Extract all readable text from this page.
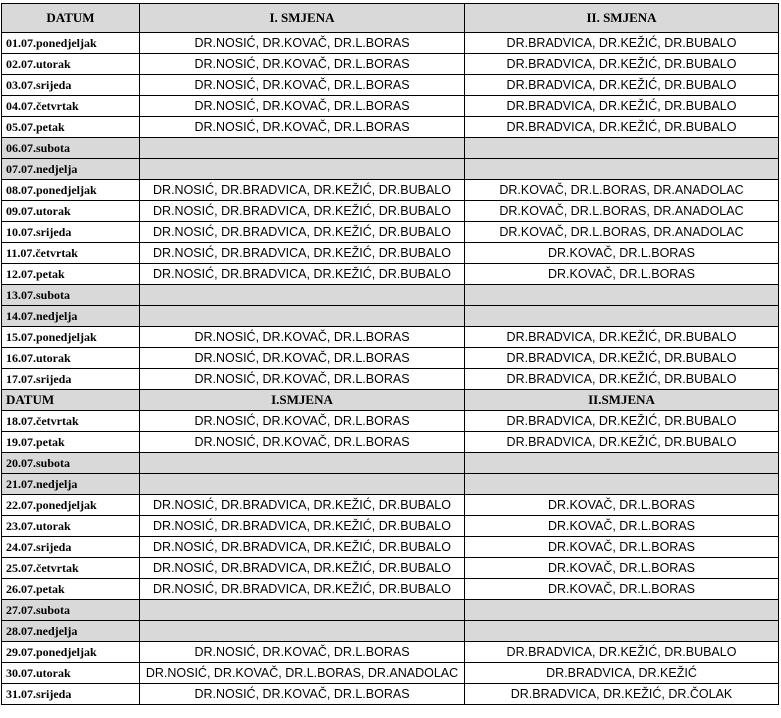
DATUM	I. SMJENA	II. SMJENA
01.07.ponedjeljak	DR.NOSIĆ, DR.KOVAČ, DR.L.BORAS	DR.BRADVICA, DR.KEŽIĆ, DR.BUBALO
02.07.utorak	DR.NOSIĆ, DR.KOVAČ, DR.L.BORAS	DR.BRADVICA, DR.KEŽIĆ, DR.BUBALO
03.07.srijeda	DR.NOSIĆ, DR.KOVAČ, DR.L.BORAS	DR.BRADVICA, DR.KEŽIĆ, DR.BUBALO
04.07.četvrtak	DR.NOSIĆ, DR.KOVAČ, DR.L.BORAS	DR.BRADVICA, DR.KEŽIĆ, DR.BUBALO
05.07.petak	DR.NOSIĆ, DR.KOVAČ, DR.L.BORAS	DR.BRADVICA, DR.KEŽIĆ, DR.BUBALO
06.07.subota		
07.07.nedjelja		
08.07.ponedjeljak	DR.NOSIĆ, DR.BRADVICA, DR.KEŽIĆ, DR.BUBALO	DR.KOVAČ, DR.L.BORAS, DR.ANADOLAC
09.07.utorak	DR.NOSIĆ, DR.BRADVICA, DR.KEŽIĆ, DR.BUBALO	DR.KOVAČ, DR.L.BORAS, DR.ANADOLAC
10.07.srijeda	DR.NOSIĆ, DR.BRADVICA, DR.KEŽIĆ, DR.BUBALO	DR.KOVAČ, DR.L.BORAS, DR.ANADOLAC
11.07.četvrtak	DR.NOSIĆ, DR.BRADVICA, DR.KEŽIĆ, DR.BUBALO	DR.KOVAČ, DR.L.BORAS
12.07.petak	DR.NOSIĆ, DR.BRADVICA, DR.KEŽIĆ, DR.BUBALO	DR.KOVAČ, DR.L.BORAS
13.07.subota		
14.07.nedjelja		
15.07.ponedjeljak	DR.NOSIĆ, DR.KOVAČ, DR.L.BORAS	DR.BRADVICA, DR.KEŽIĆ, DR.BUBALO
16.07.utorak	DR.NOSIĆ, DR.KOVAČ, DR.L.BORAS	DR.BRADVICA, DR.KEŽIĆ, DR.BUBALO
17.07.srijeda	DR.NOSIĆ, DR.KOVAČ, DR.L.BORAS	DR.BRADVICA, DR.KEŽIĆ, DR.BUBALO
DATUM	I.SMJENA	II.SMJENA
18.07.četvrtak	DR.NOSIĆ, DR.KOVAČ, DR.L.BORAS	DR.BRADVICA, DR.KEŽIĆ, DR.BUBALO
19.07.petak	DR.NOSIĆ, DR.KOVAČ, DR.L.BORAS	DR.BRADVICA, DR.KEŽIĆ, DR.BUBALO
20.07.subota		
21.07.nedjelja		
22.07.ponedjeljak	DR.NOSIĆ, DR.BRADVICA, DR.KEŽIĆ, DR.BUBALO	DR.KOVAČ, DR.L.BORAS
23.07.utorak	DR.NOSIĆ, DR.BRADVICA, DR.KEŽIĆ, DR.BUBALO	DR.KOVAČ, DR.L.BORAS
24.07.srijeda	DR.NOSIĆ, DR.BRADVICA, DR.KEŽIĆ, DR.BUBALO	DR.KOVAČ, DR.L.BORAS
25.07.četvrtak	DR.NOSIĆ, DR.BRADVICA, DR.KEŽIĆ, DR.BUBALO	DR.KOVAČ, DR.L.BORAS
26.07.petak	DR.NOSIĆ, DR.BRADVICA, DR.KEŽIĆ, DR.BUBALO	DR.KOVAČ, DR.L.BORAS
27.07.subota		
28.07.nedjelja		
29.07.ponedjeljak	DR.NOSIĆ, DR.KOVAČ, DR.L.BORAS	DR.BRADVICA, DR.KEŽIĆ, DR.BUBALO
30.07.utorak	DR.NOSIĆ, DR.KOVAČ, DR.L.BORAS, DR.ANADOLAC	DR.BRADVICA, DR.KEŽIĆ
31.07.srijeda	DR.NOSIĆ, DR.KOVAČ, DR.L.BORAS	DR.BRADVICA, DR.KEŽIĆ, DR.ČOLAK
